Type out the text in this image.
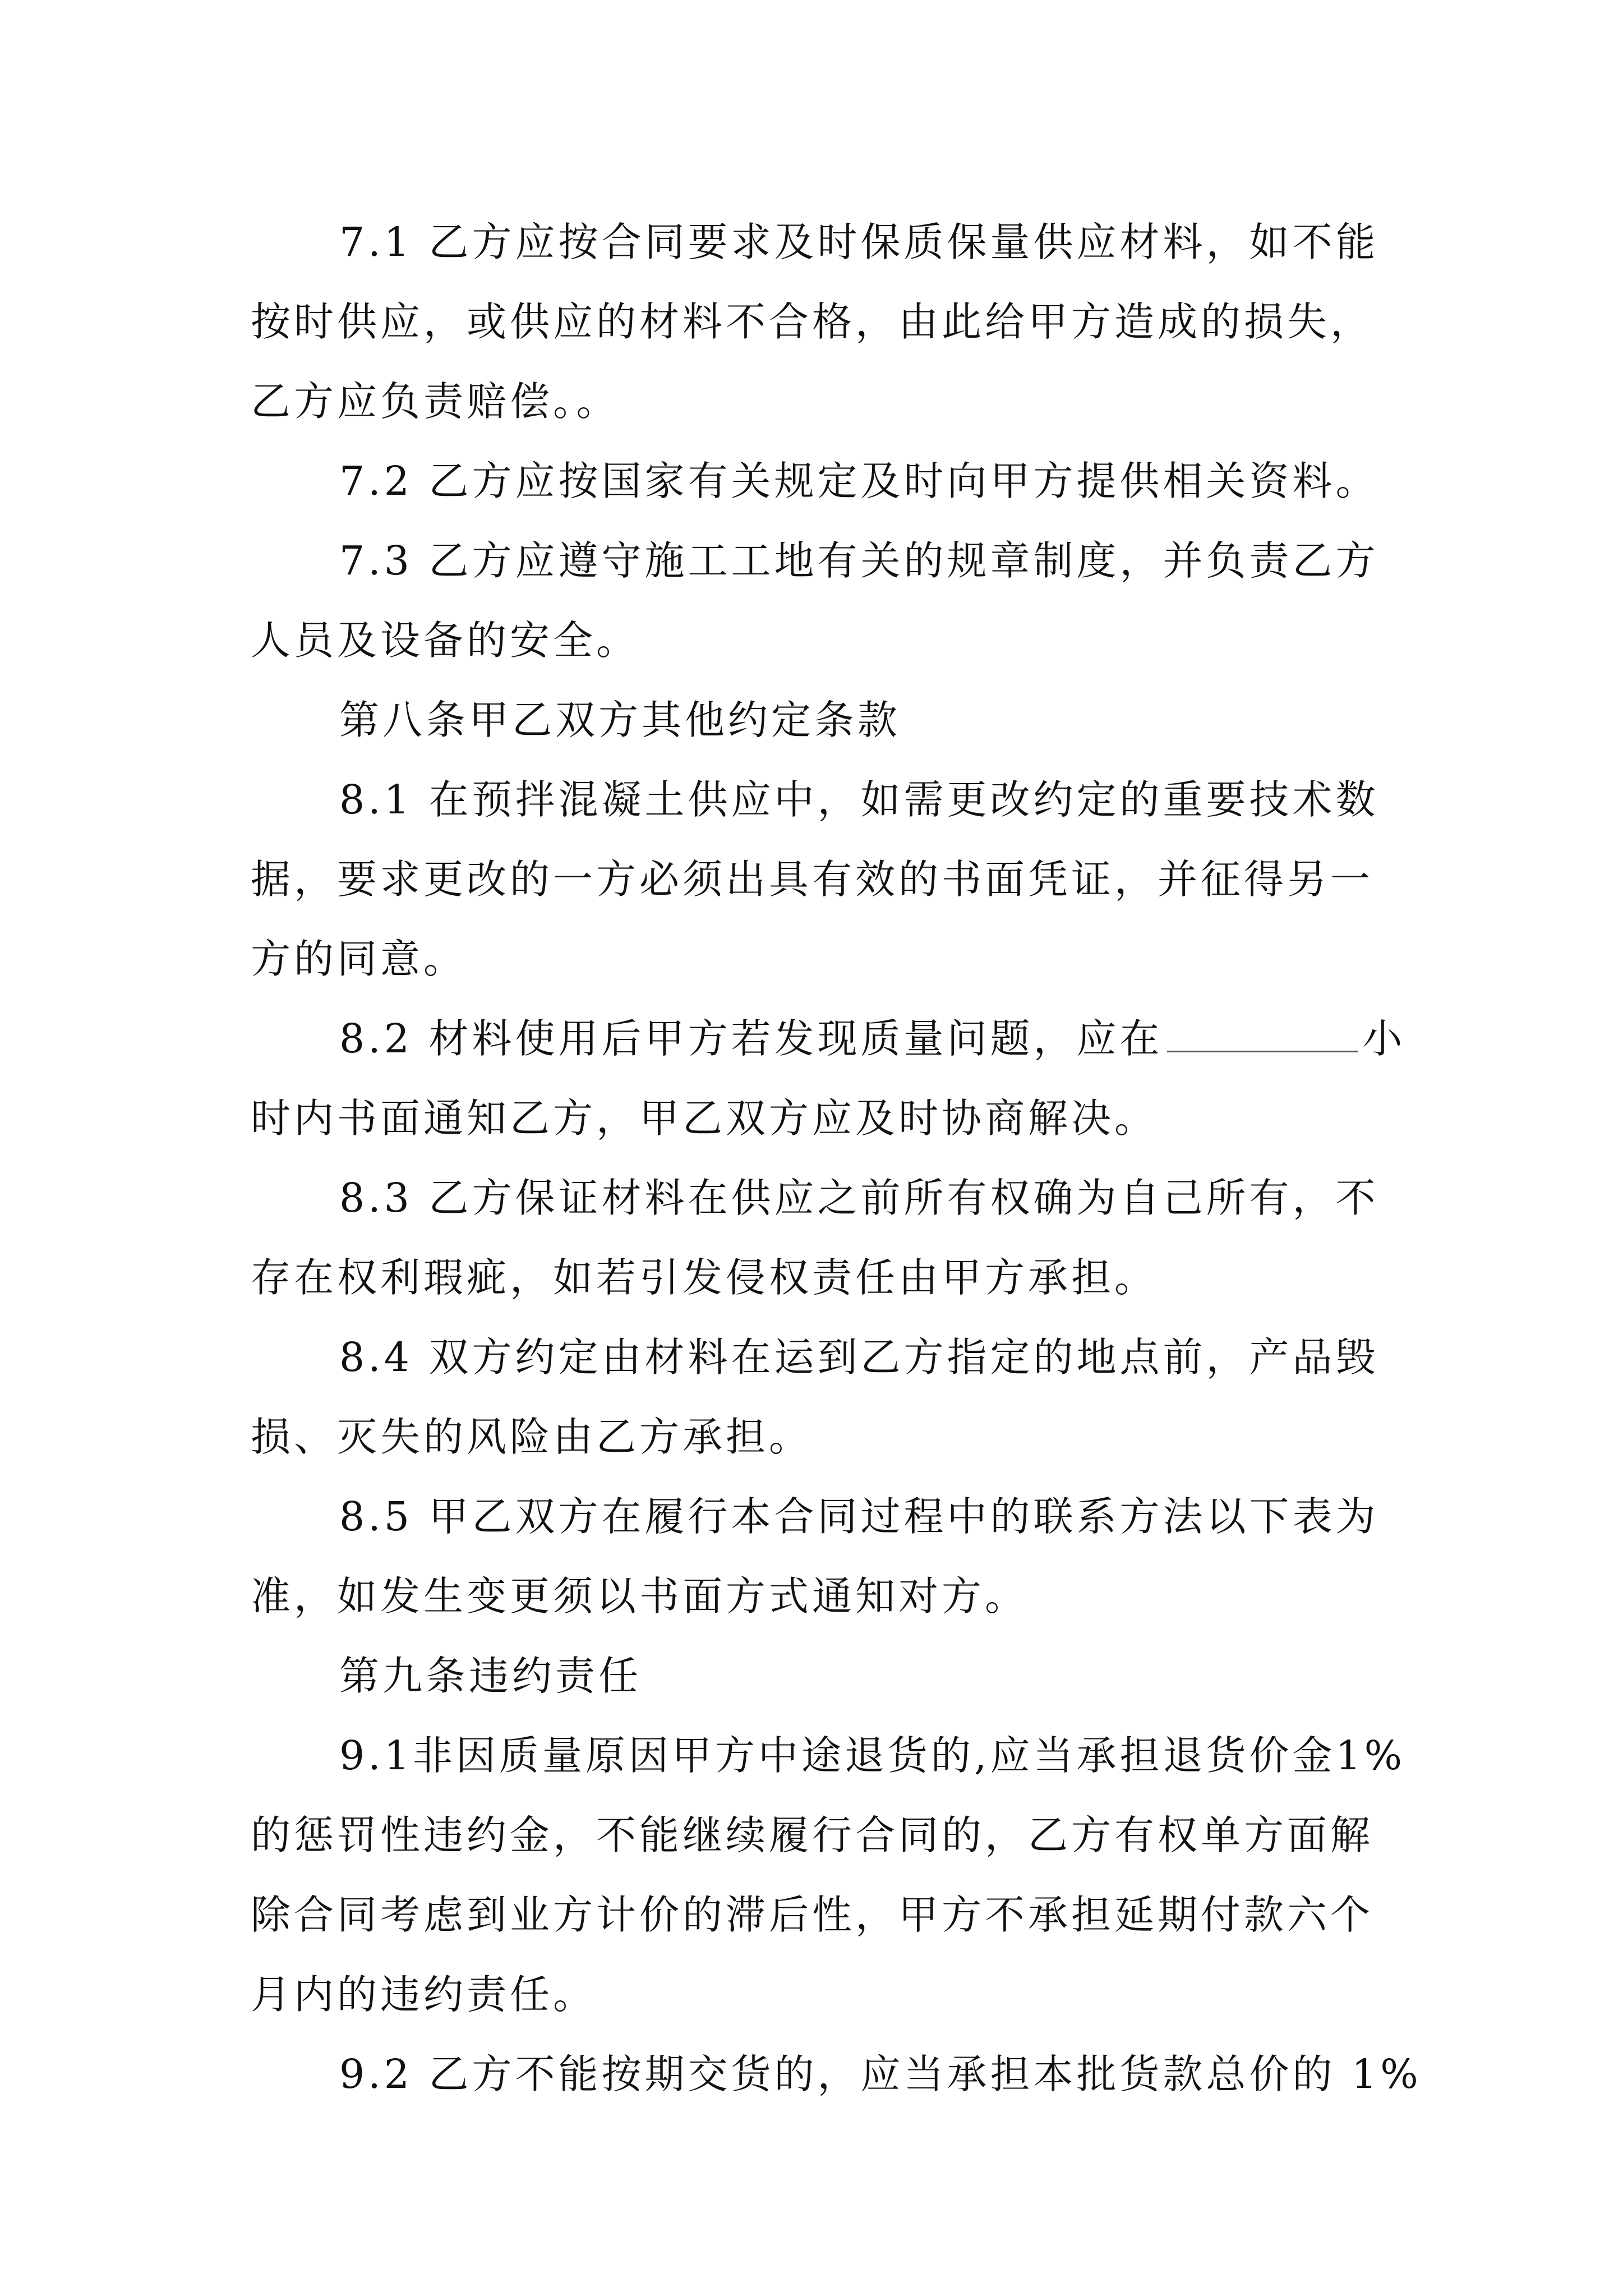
7.1 乙方应按合同要求及时保质保量供应材料，如不能
按时供应，或供应的材料不合格，由此给甲方造成的损失，
乙方应负责赔偿。。
7.2 乙方应按国家有关规定及时向甲方提供相关资料。
7.3 乙方应遵守施工工地有关的规章制度，并负责乙方
人员及设备的安全。
第八条甲乙双方其他约定条款
8.1 在预拌混凝土供应中，如需更改约定的重要技术数
据，要求更改的一方必须出具有效的书面凭证，并征得另一
方的同意。
8.2 材料使用后甲方若发现质量问题，应在	小
时内书面通知乙方，甲乙双方应及时协商解决。
8.3 乙方保证材料在供应之前所有权确为自己所有，不
存在权利瑕疵，如若引发侵权责任由甲方承担。
8.4 双方约定由材料在运到乙方指定的地点前，产品毁
损、灭失的风险由乙方承担。
8.5 甲乙双方在履行本合同过程中的联系方法以下表为
准，如发生变更须以书面方式通知对方。
第九条违约责任
9.1非因质量原因甲方中途退货的,应当承担退货价金1%
的惩罚性违约金，不能继续履行合同的，乙方有权单方面解
除合同考虑到业方计价的滞后性，甲方不承担延期付款六个
月内的违约责任。
9.2 乙方不能按期交货的，应当承担本批货款总价的 1%
